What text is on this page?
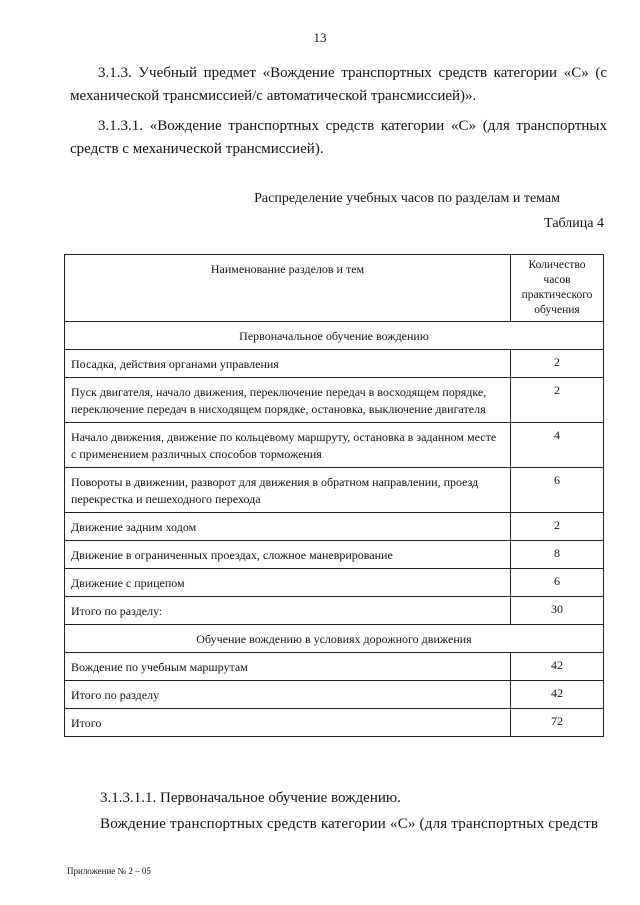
13
3.1.3. Учебный предмет «Вождение транспортных средств категории «С» (с механической трансмиссией/с автоматической трансмиссией)».
3.1.3.1. «Вождение транспортных средств категории «С» (для транспортных средств с механической трансмиссией).
Распределение учебных часов по разделам и темам
Таблица 4
Наименование разделов и тем	Количество часов практического обучения
Первоначальное обучение вождению	
Посадка, действия органами управления	2
Пуск двигателя, начало движения, переключение передач в восходящем порядке, переключение передач в нисходящем порядке, остановка, выключение двигателя	2
Начало движения, движение по кольцевому маршруту, остановка в заданном месте с применением различных способов торможения	4
Повороты в движении, разворот для движения в обратном направлении, проезд перекрестка и пешеходного перехода	6
Движение задним ходом	2
Движение в ограниченных проездах, сложное маневрирование	8
Движение с прицепом	6
Итого по разделу:	30
Обучение вождению в условиях дорожного движения	
Вождение по учебным маршрутам	42
Итого по разделу	42
Итого	72
3.1.3.1.1. Первоначальное обучение вождению.
Вождение транспортных средств категории «С» (для транспортных средств
Приложение № 2 – 05
